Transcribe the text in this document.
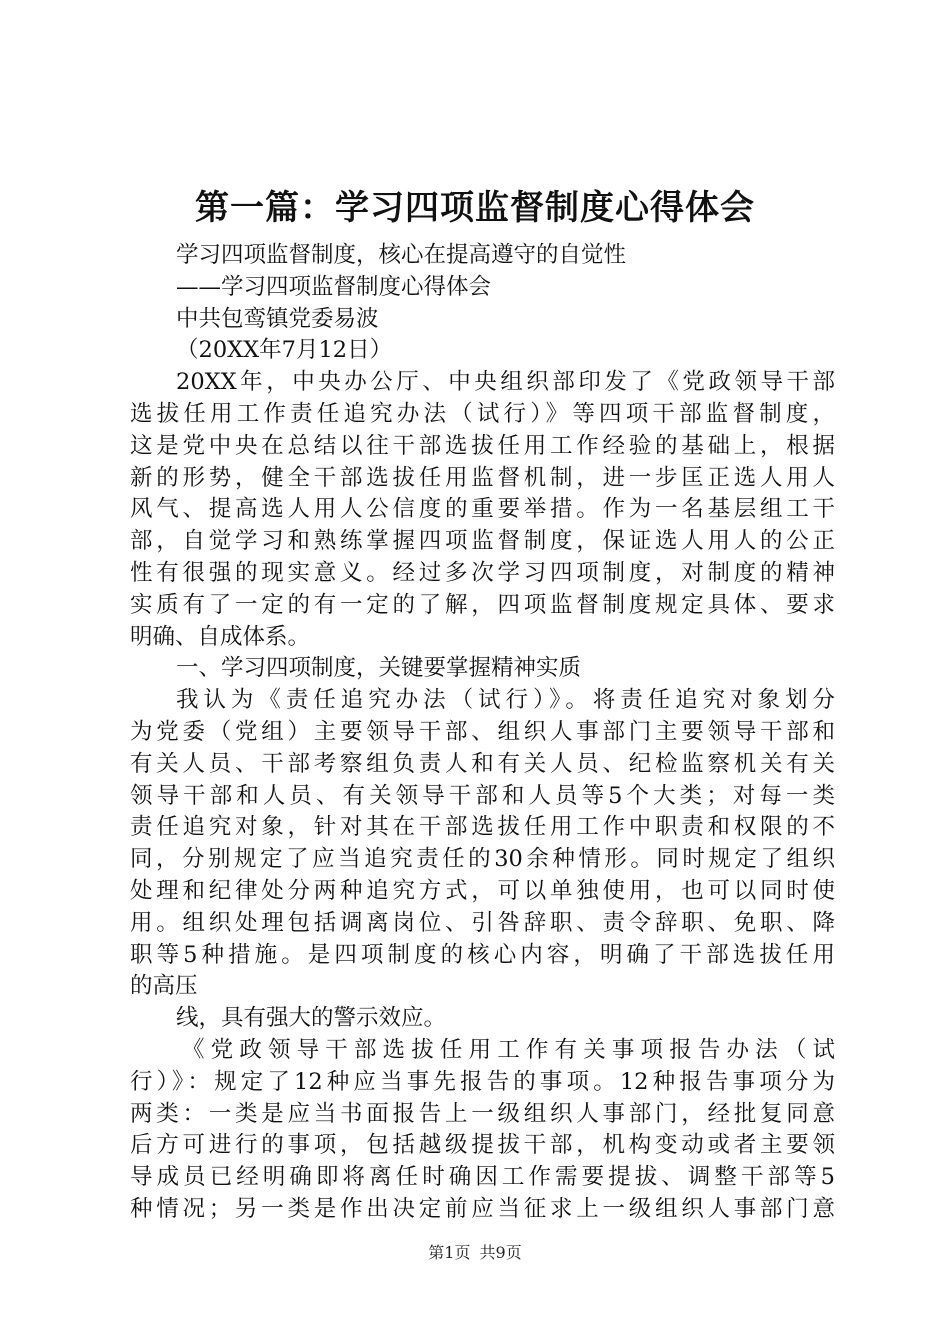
第一篇：学习四项监督制度心得体会

学习四项监督制度，核心在提高遵守的自觉性

——学习四项监督制度心得体会

中共包鸾镇党委易波

（20XX年7月12日）

20XX年，中央办公厅、中央组织部印发了《党政领导干部

选拔任用工作责任追究办法（试行）》等四项干部监督制度，

这是党中央在总结以往干部选拔任用工作经验的基础上，根据

新的形势，健全干部选拔任用监督机制，进一步匡正选人用人

风气、提高选人用人公信度的重要举措。作为一名基层组工干

部，自觉学习和熟练掌握四项监督制度，保证选人用人的公正

性有很强的现实意义。经过多次学习四项制度，对制度的精神

实质有了一定的有一定的了解，四项监督制度规定具体、要求

明确、自成体系。

一、学习四项制度，关键要掌握精神实质

我认为《责任追究办法（试行）》。将责任追究对象划分

为党委（党组）主要领导干部、组织人事部门主要领导干部和

有关人员、干部考察组负责人和有关人员、纪检监察机关有关

领导干部和人员、有关领导干部和人员等5个大类；对每一类

责任追究对象，针对其在干部选拔任用工作中职责和权限的不

同，分别规定了应当追究责任的30余种情形。同时规定了组织

处理和纪律处分两种追究方式，可以单独使用，也可以同时使

用。组织处理包括调离岗位、引咎辞职、责令辞职、免职、降

职等5种措施。是四项制度的核心内容，明确了干部选拔任用

的高压

线，具有强大的警示效应。

《党政领导干部选拔任用工作有关事项报告办法（试

行）》：规定了12种应当事先报告的事项。12种报告事项分为

两类：一类是应当书面报告上一级组织人事部门，经批复同意

后方可进行的事项，包括越级提拔干部，机构变动或者主要领

导成员已经明确即将离任时确因工作需要提拔、调整干部等5

种情况；另一类是作出决定前应当征求上一级组织人事部门意

第1页 共9页
